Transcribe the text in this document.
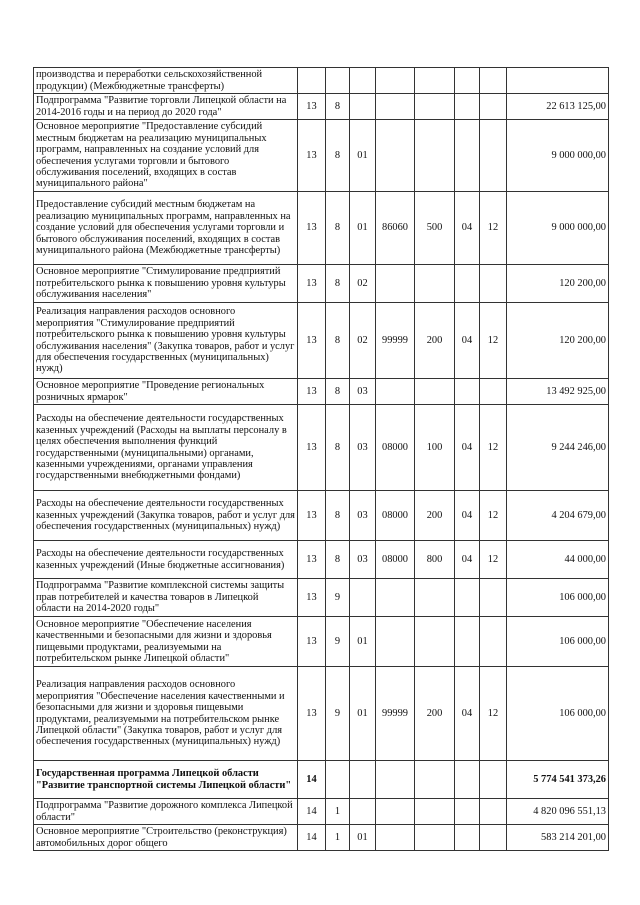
производства и переработки сельскохозяйственной продукции) (Межбюджетные трансферты)								
Подпрограмма "Развитие торговли Липецкой области на 2014-2016 годы и на период до 2020 года"	13	8						22 613 125,00
Основное мероприятие "Предоставление субсидий местным бюджетам на реализацию муниципальных программ, направленных на создание условий для обеспечения услугами торговли и бытового обслуживания поселений, входящих в состав муниципального района"	13	8	01					9 000 000,00
Предоставление субсидий местным бюджетам на реализацию муниципальных программ, направленных на создание условий для обеспечения услугами торговли и бытового обслуживания поселений, входящих в состав муниципального района (Межбюджетные трансферты)	13	8	01	86060	500	04	12	9 000 000,00
Основное мероприятие "Стимулирование предприятий потребительского рынка к повышению уровня культуры обслуживания населения"	13	8	02					120 200,00
Реализация направления расходов основного мероприятия "Стимулирование предприятий потребительского рынка к повышению уровня культуры обслуживания населения" (Закупка товаров, работ и услуг для обеспечения государственных (муниципальных) нужд)	13	8	02	99999	200	04	12	120 200,00
Основное мероприятие "Проведение региональных розничных ярмарок"	13	8	03					13 492 925,00
Расходы на обеспечение деятельности государственных казенных учреждений (Расходы на выплаты персоналу в целях обеспечения выполнения функций государственными (муниципальными) органами, казенными учреждениями, органами управления государственными внебюджетными фондами)	13	8	03	08000	100	04	12	9 244 246,00
Расходы на обеспечение деятельности государственных казенных учреждений (Закупка товаров, работ и услуг для обеспечения государственных (муниципальных) нужд)	13	8	03	08000	200	04	12	4 204 679,00
Расходы на обеспечение деятельности государственных казенных учреждений (Иные бюджетные ассигнования)	13	8	03	08000	800	04	12	44 000,00
Подпрограмма "Развитие комплексной системы защиты прав потребителей и качества товаров в Липецкой области на 2014-2020 годы"	13	9						106 000,00
Основное мероприятие "Обеспечение населения качественными и безопасными для жизни и здоровья пищевыми продуктами, реализуемыми на потребительском рынке Липецкой области"	13	9	01					106 000,00
Реализация направления расходов основного мероприятия "Обеспечение населения качественными и безопасными для жизни и здоровья пищевыми продуктами, реализуемыми на потребительском рынке Липецкой области" (Закупка товаров, работ и услуг для обеспечения государственных (муниципальных) нужд)	13	9	01	99999	200	04	12	106 000,00
Государственная программа Липецкой области "Развитие транспортной системы Липецкой области"	14							5 774 541 373,26
Подпрограмма "Развитие дорожного комплекса Липецкой области"	14	1						4 820 096 551,13
Основное мероприятие "Строительство (реконструкция) автомобильных дорог общего	14	1	01					583 214 201,00
